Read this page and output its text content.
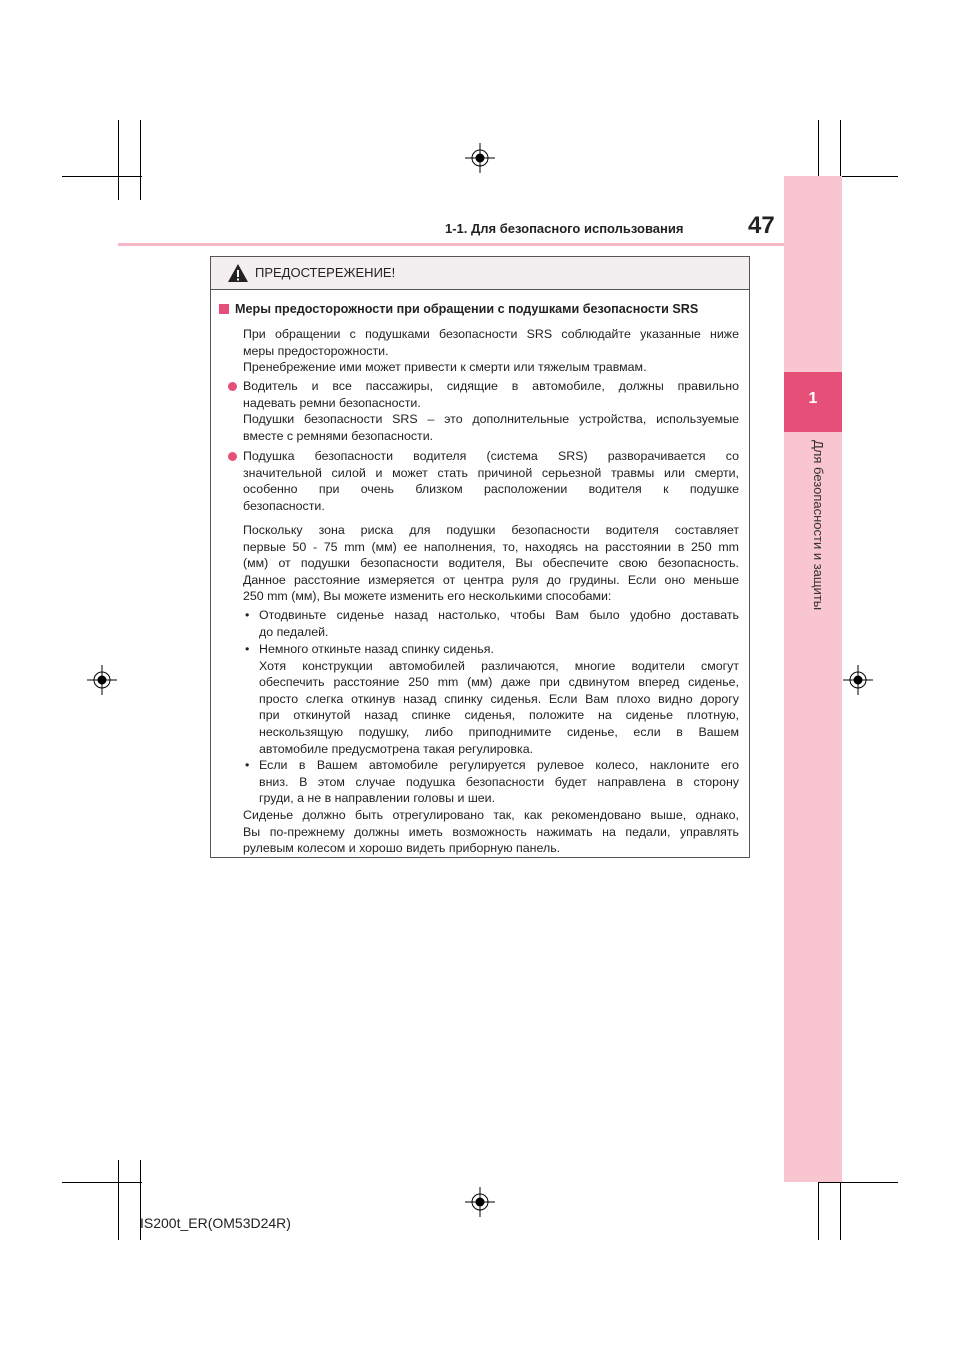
1
Для безопасности и защиты
1-1. Для безопасного использования	47
ПРЕДОСТЕРЕЖЕНИЕ!
Меры предосторожности при обращении с подушками безопасности SRS

При обращении с подушками безопасности SRS соблюдайте указанные ниже

меры предосторожности.

Пренебрежение ими может привести к смерти или тяжелым травмам.

Водитель и все пассажиры, сидящие в автомобиле, должны правильно

надевать ремни безопасности.

Подушки безопасности SRS – это дополнительные устройства, используемые

вместе с ремнями безопасности.

Подушка безопасности водителя (система SRS) разворачивается со

значительной силой и может стать причиной серьезной травмы или смерти,

особенно при очень близком расположении водителя к подушке

безопасности.

Поскольку зона риска для подушки безопасности водителя составляет

первые 50 - 75 mm (мм) ее наполнения, то, находясь на расстоянии в 250 mm

(мм) от подушки безопасности водителя, Вы обеспечите свою безопасность.

Данное расстояние измеряется от центра руля до грудины. Если оно меньше

250 mm (мм), Вы можете изменить его несколькими способами:

• Отодвиньте сиденье назад настолько, чтобы Вам было удобно доставать

до педалей.

• Немного откиньте назад спинку сиденья.

Хотя конструкции автомобилей различаются, многие водители смогут

обеспечить расстояние 250 mm (мм) даже при сдвинутом вперед сиденье,

просто слегка откинув назад спинку сиденья. Если Вам плохо видно дорогу

при откинутой назад спинке сиденья, положите на сиденье плотную,

нескользящую подушку, либо приподнимите сиденье, если в Вашем

автомобиле предусмотрена такая регулировка.

• Если в Вашем автомобиле регулируется рулевое колесо, наклоните его

вниз. В этом случае подушка безопасности будет направлена в сторону

груди, а не в направлении головы и шеи.

Сиденье должно быть отрегулировано так, как рекомендовано выше, однако,

Вы по-прежнему должны иметь возможность нажимать на педали, управлять

рулевым колесом и хорошо видеть приборную панель.

IS200t_ER(OM53D24R)
